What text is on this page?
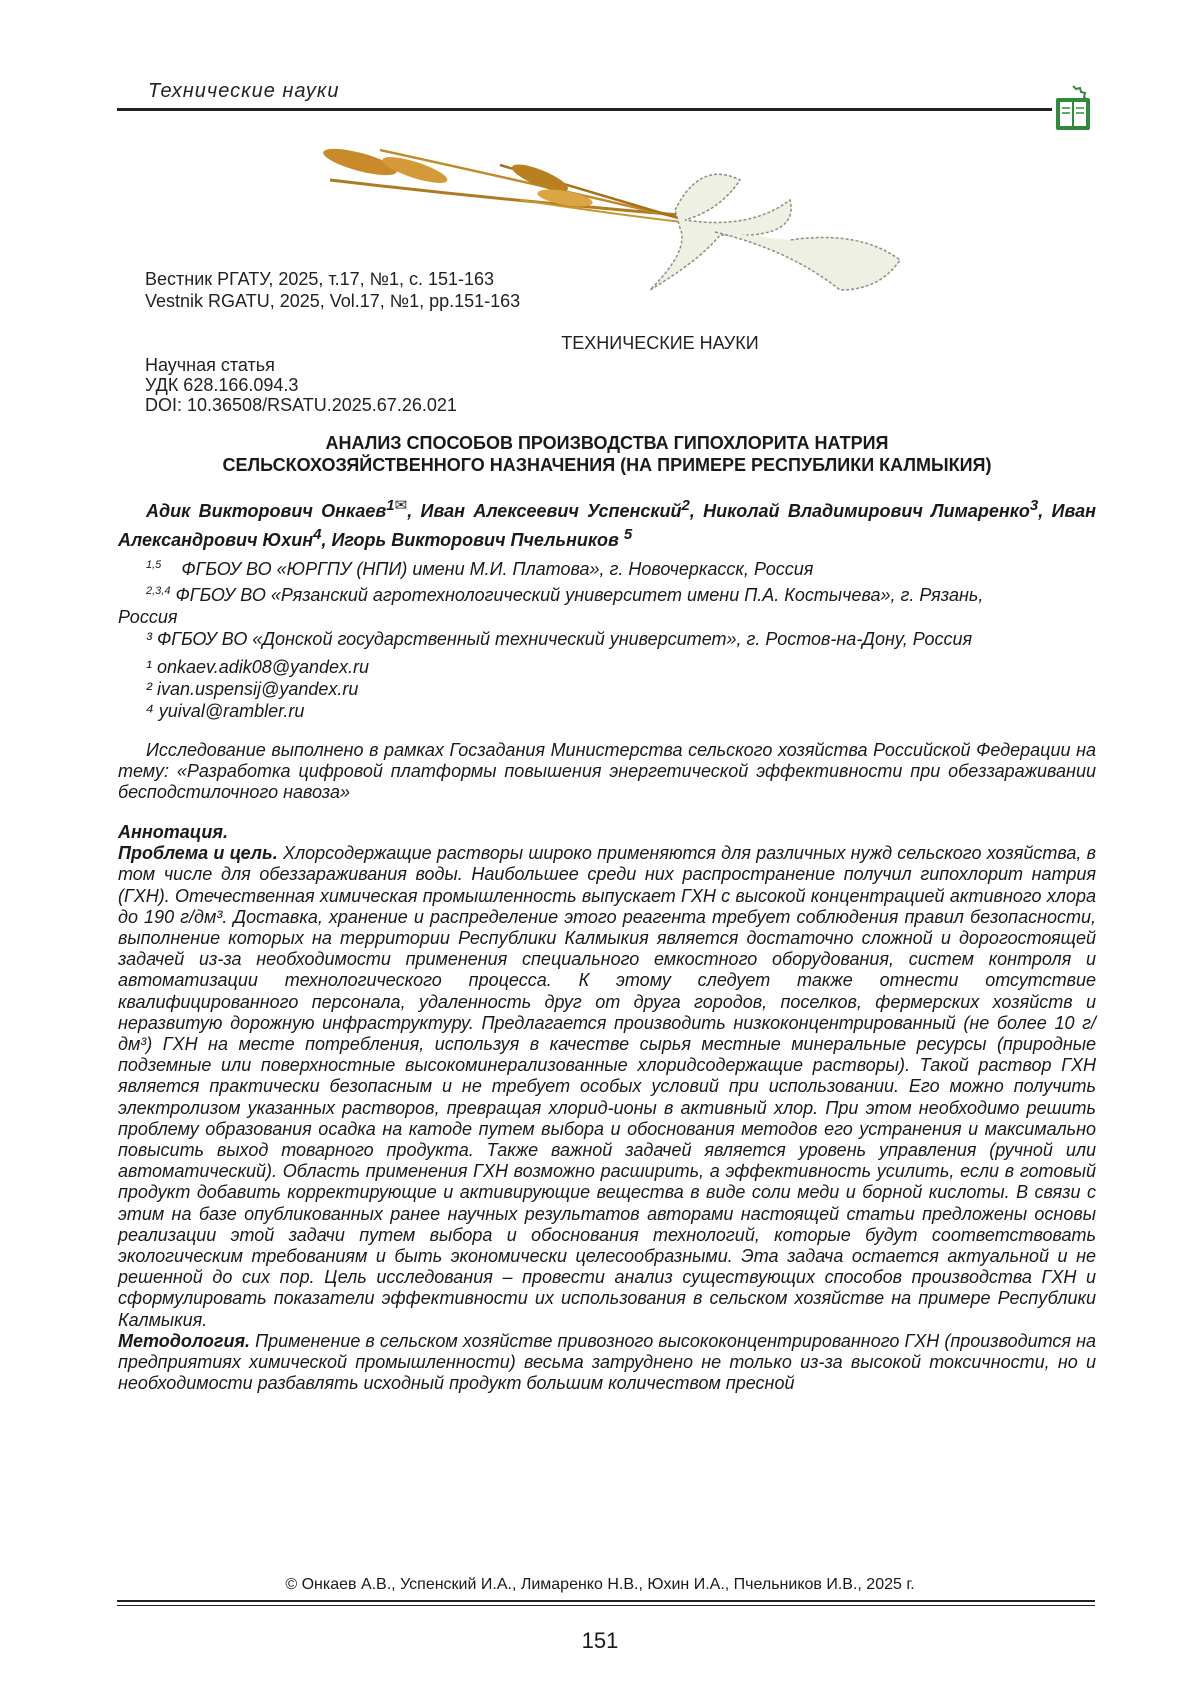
Технические науки
Вестник РГАТУ, 2025, т.17, №1, с. 151-163
Vestnik RGATU, 2025, Vol.17, №1, pp.151-163
ТЕХНИЧЕСКИЕ НАУКИ
Научная статья
УДК 628.166.094.3
DOI: 10.36508/RSATU.2025.67.26.021
АНАЛИЗ СПОСОБОВ ПРОИЗВОДСТВА ГИПОХЛОРИТА НАТРИЯ
СЕЛЬСКОХОЗЯЙСТВЕННОГО НАЗНАЧЕНИЯ (НА ПРИМЕРЕ РЕСПУБЛИКИ КАЛМЫКИЯ)
Адик Викторович Онкаев$^{1✉}$, Иван Алексеевич Успенский$^2$, Николай Владимирович Лимаренко$^3$, Иван Александрович Юхин$^4$, Игорь Викторович Пчельников $^5$
$^{1,5}$ ФГБОУ ВО «ЮРГПУ (НПИ) имени М.И. Платова», г. Новочеркасск, Россия
$^{2,3,4}$ ФГБОУ ВО «Рязанский агротехнологический университет имени П.А. Костычева», г. Рязань,
Россия
³ ФГБОУ ВО «Донской государственный технический университет», г. Ростов-на-Дону, Россия
¹ onkaev.adik08@yandex.ru
² ivan.uspensij@yandex.ru
⁴ yuival@rambler.ru

Исследование выполнено в рамках Госзадания Министерства сельского хозяйства Российской Федерации на тему: «Разработка цифровой платформы повышения энергетической эффективности при обеззараживании бесподстилочного навоза»

Аннотация.

Проблема и цель. Хлорсодержащие растворы широко применяются для различных нужд сельского хозяйства, в том числе для обеззараживания воды. Наибольшее среди них распространение получил гипохлорит натрия (ГХН). Отечественная химическая промышленность выпускает ГХН с высокой концентрацией активного хлора до 190 г/дм³. Доставка, хранение и распределение этого реагента требует соблюдения правил безопасности, выполнение которых на территории Республики Калмыкия является достаточно сложной и дорогостоящей задачей из-за необходимости применения специального емкостного оборудования, систем контроля и автоматизации технологического процесса. К этому следует также отнести отсутствие квалифицированного персонала, удаленность друг от друга городов, поселков, фермерских хозяйств и неразвитую дорожную инфраструктуру. Предлагается производить низкоконцентрированный (не более 10 г/дм³) ГХН на месте потребления, используя в качестве сырья местные минеральные ресурсы (природные подземные или поверхностные высокоминерализованные хлоридсодержащие растворы). Такой раствор ГХН является практически безопасным и не требует особых условий при использовании. Его можно получить электролизом указанных растворов, превращая хлорид-ионы в активный хлор. При этом необходимо решить проблему образования осадка на катоде путем выбора и обоснования методов его устранения и максимально повысить выход товарного продукта. Также важной задачей является уровень управления (ручной или автоматический). Область применения ГХН возможно расширить, а эффективность усилить, если в готовый продукт добавить корректирующие и активирующие вещества в виде соли меди и борной кислоты. В связи с этим на базе опубликованных ранее научных результатов авторами настоящей статьи предложены основы реализации этой задачи путем выбора и обоснования технологий, которые будут соответствовать экологическим требованиям и быть экономически целесообразными. Эта задача остается актуальной и не решенной до сих пор. Цель исследования – провести анализ существующих способов производства ГХН и сформулировать показатели эффективности их использования в сельском хозяйстве на примере Республики Калмыкия.

Методология. Применение в сельском хозяйстве привозного высококонцентрированного ГХН (производится на предприятиях химической промышленности) весьма затруднено не только из-за высокой токсичности, но и необходимости разбавлять исходный продукт большим количеством пресной

© Онкаев А.В., Успенский И.А., Лимаренко Н.В., Юхин И.А., Пчельников И.В., 2025 г.
151
